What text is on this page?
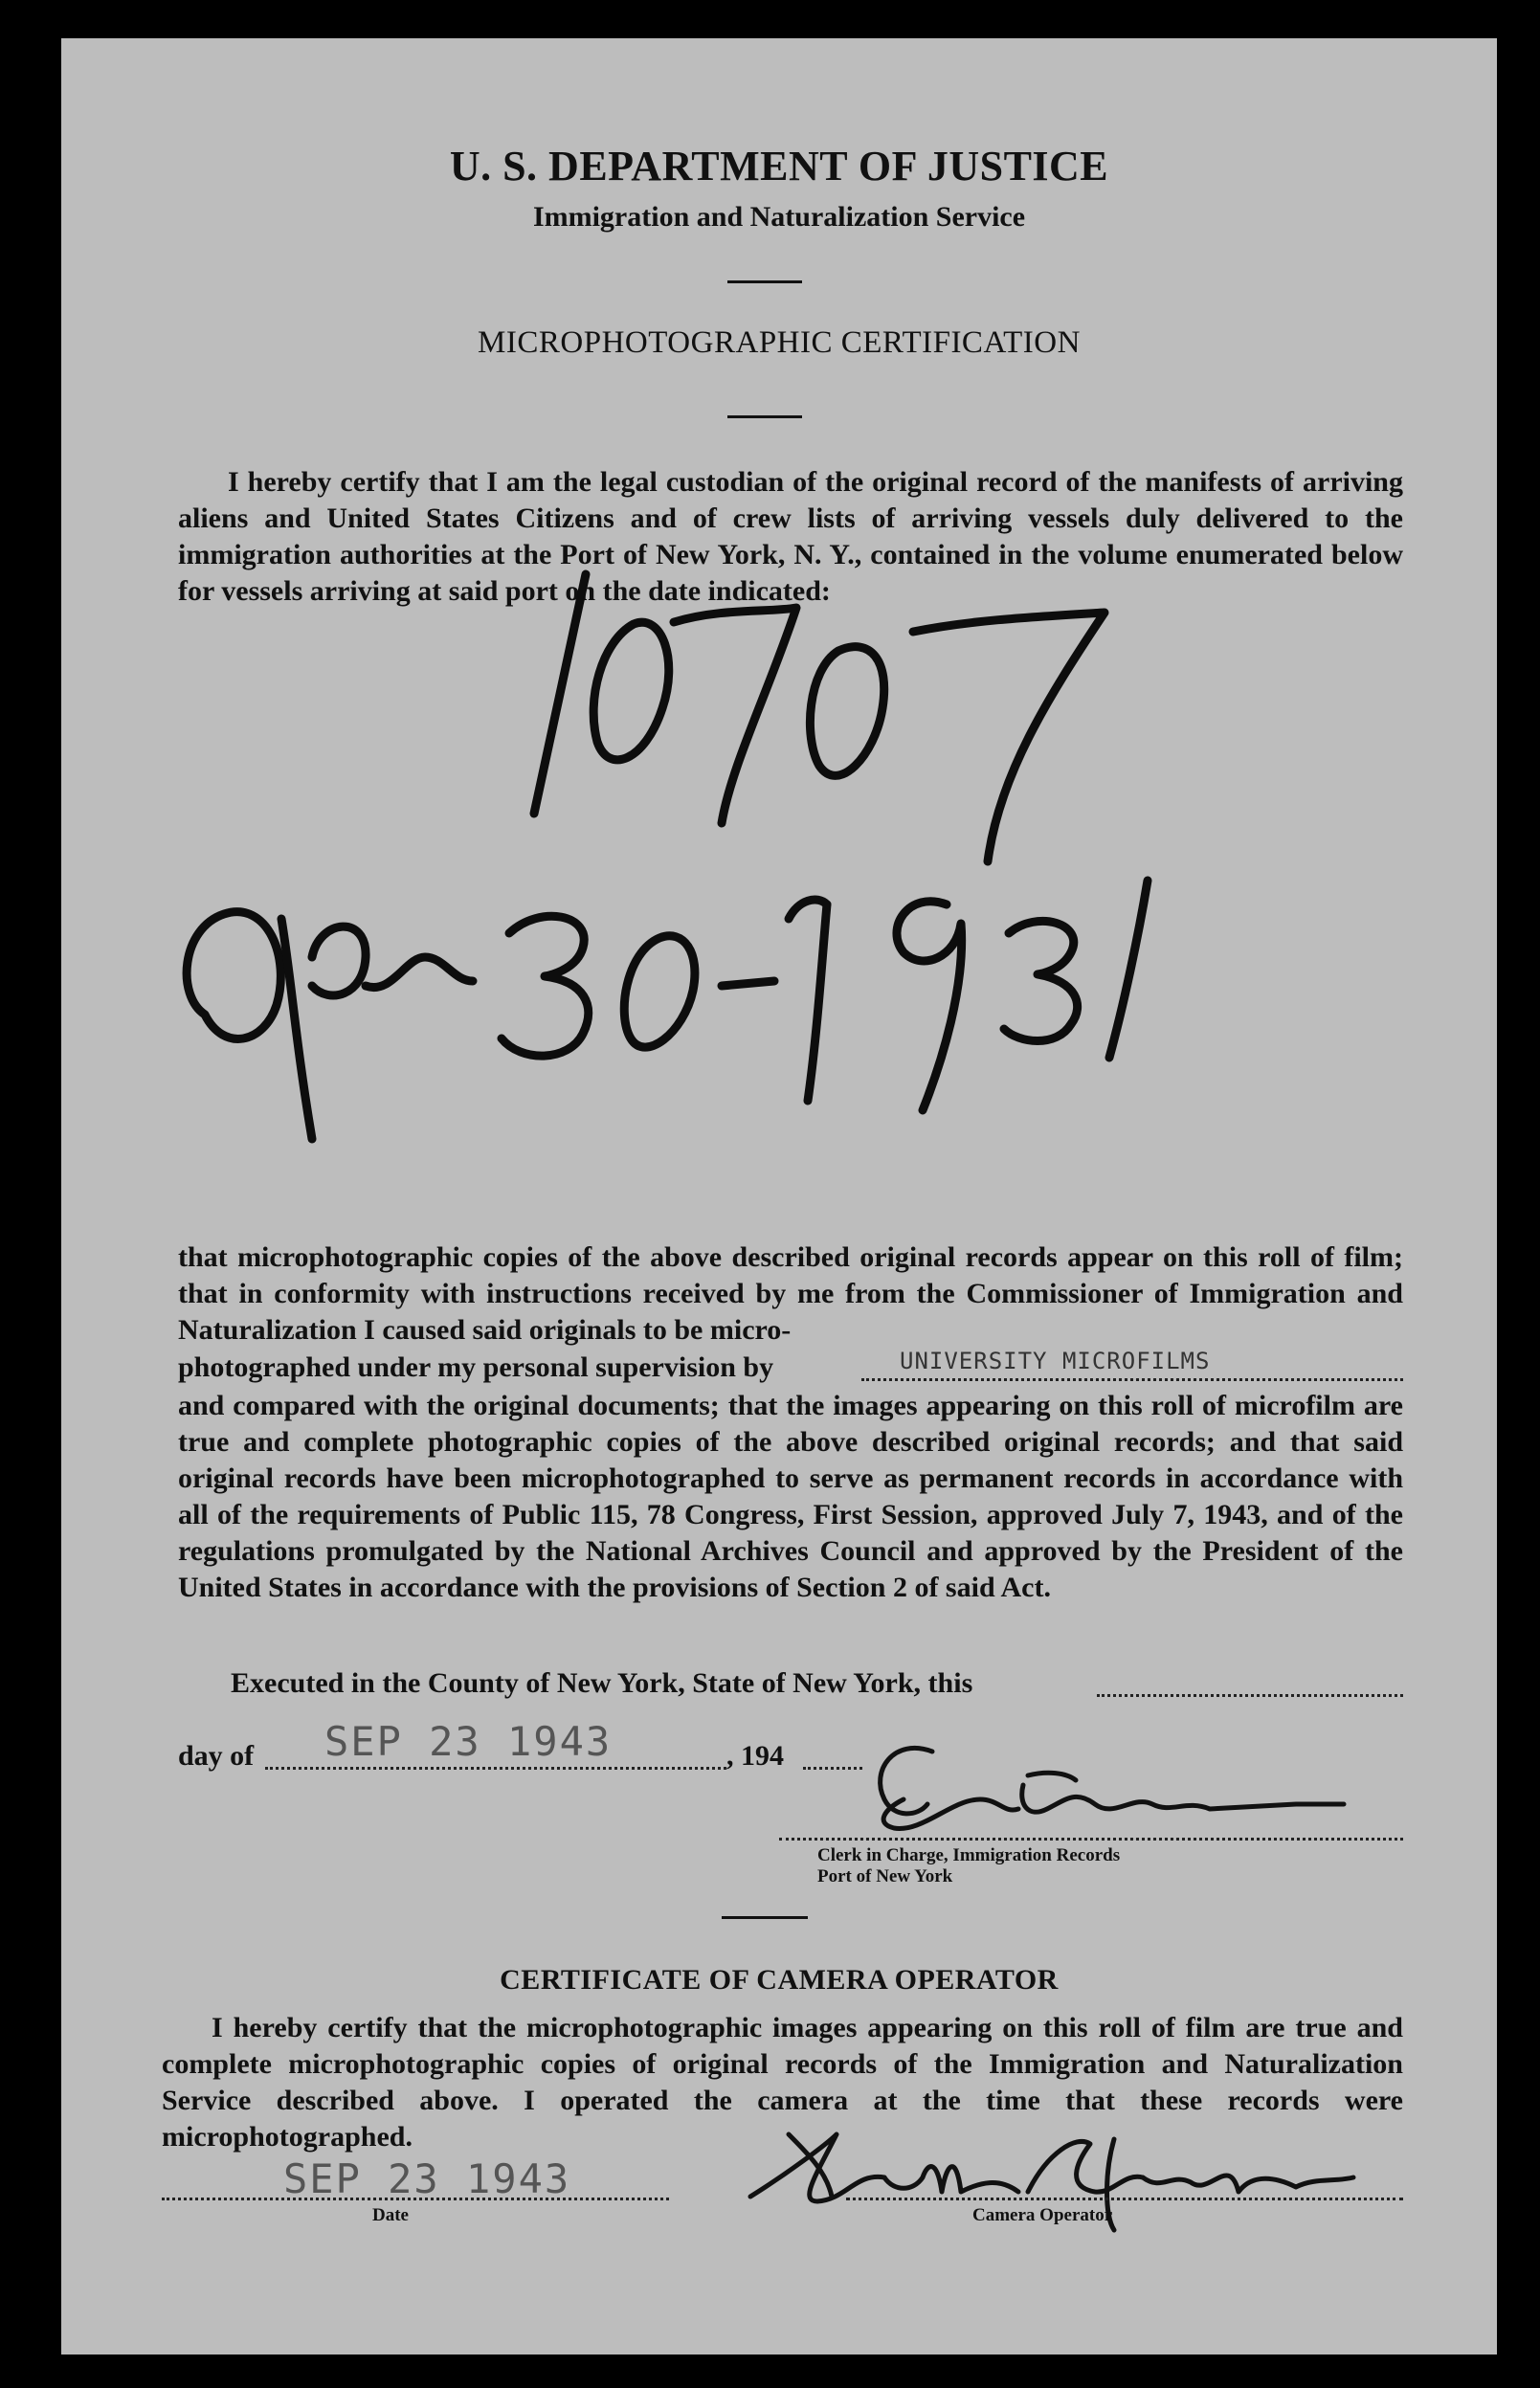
U. S. DEPARTMENT OF JUSTICE
Immigration and Naturalization Service
MICROPHOTOGRAPHIC CERTIFICATION
I hereby certify that I am the legal custodian of the original record of the manifests of arriving aliens and United States Citizens and of crew lists of arriving vessels duly delivered to the immigration authorities at the Port of New York, N. Y., contained in the volume enumerated below for vessels arriving at said port on the date indicated:
that microphotographic copies of the above described original records appear on this roll of film; that in conformity with instructions received by me from the Commissioner of Immigration and Naturalization I caused said originals to be micro-
photographed under my personal supervision by	UNIVERSITY MICROFILMS
and compared with the original documents; that the images appearing on this roll of microfilm are true and complete photographic copies of the above described original records; and that said original records have been microphotographed to serve as permanent records in accordance with all of the requirements of Public 115, 78 Congress, First Session, approved July 7, 1943, and of the regulations promulgated by the National Archives Council and approved by the President of the United States in accordance with the provisions of Section 2 of said Act.
Executed in the County of New York, State of New York, this
day of SEP 23 1943	, 194
Clerk in Charge, Immigration Records
Port of New York
CERTIFICATE OF CAMERA OPERATOR
I hereby certify that the microphotographic images appearing on this roll of film are true and complete microphotographic copies of original records of the Immigration and Naturalization Service described above. I operated the camera at the time that these records were microphotographed.
SEP 23 1943
Date	Camera Operator
